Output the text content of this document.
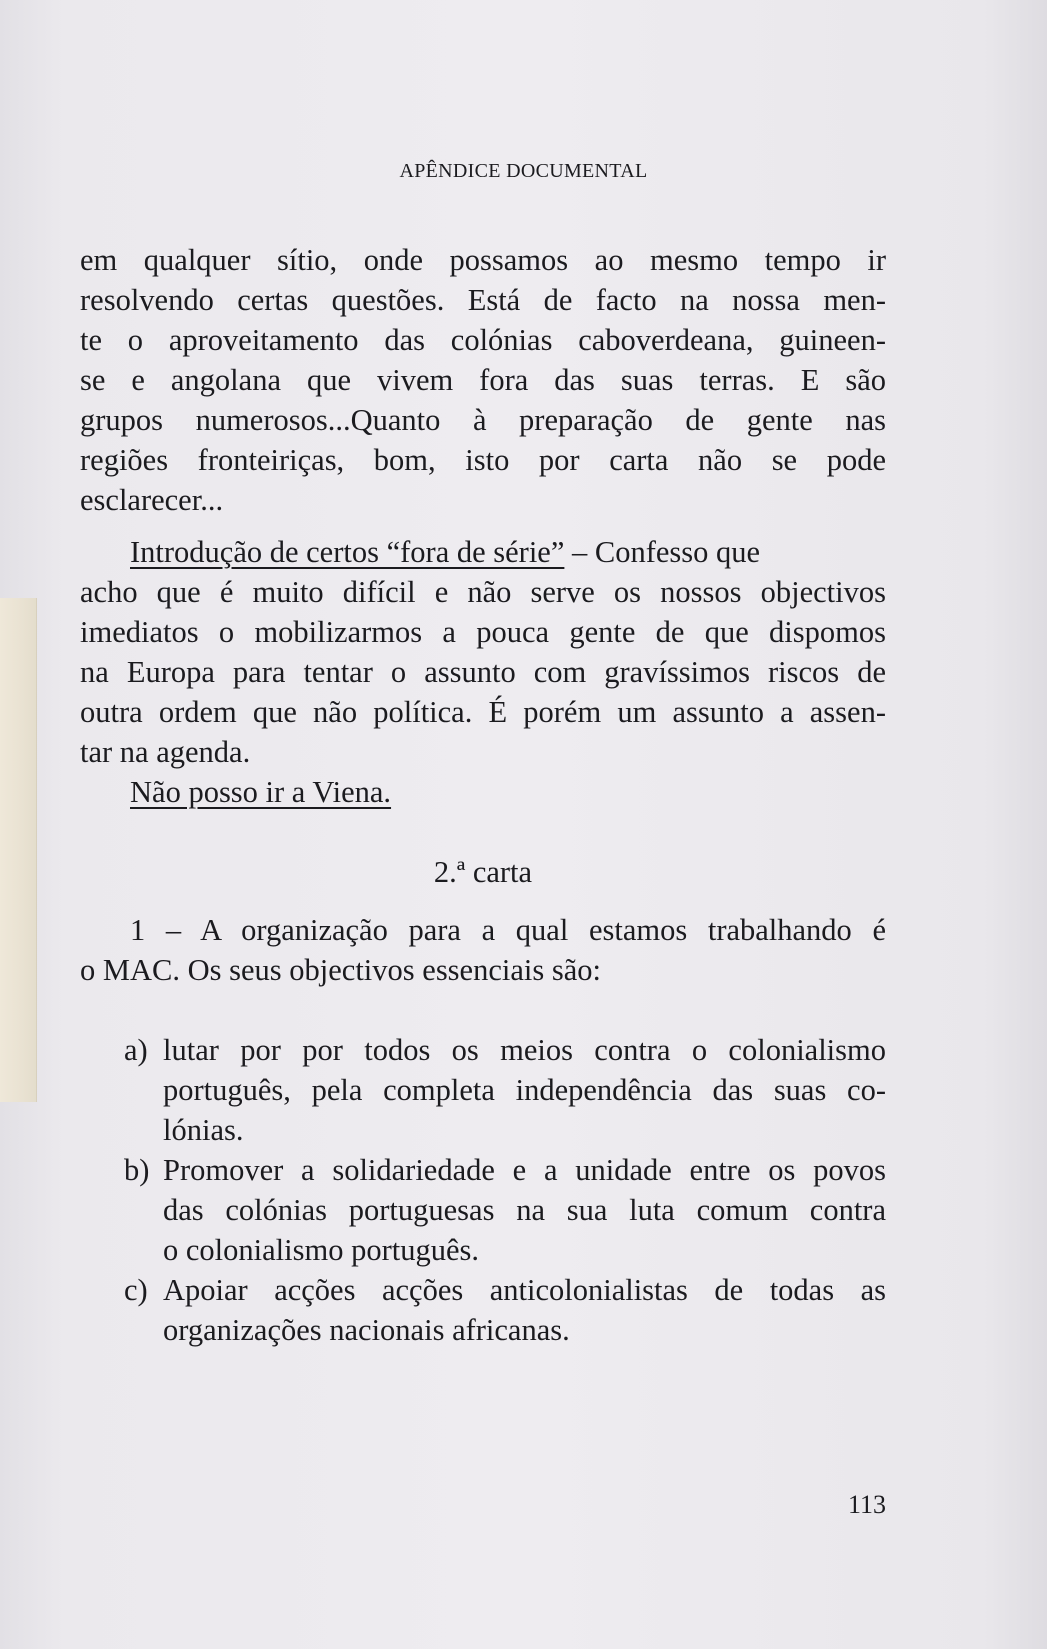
APÊNDICE DOCUMENTAL
em qualquer sítio, onde possamos ao mesmo tempo ir
resolvendo certas questões. Está de facto na nossa men-
te o aproveitamento das colónias caboverdeana, guineen-
se e angolana que vivem fora das suas terras. E são
grupos numerosos...Quanto à preparação de gente nas
regiões fronteiriças, bom, isto por carta não se pode
esclarecer...
Introdução de certos “fora de série” – Confesso que
acho que é muito difícil e não serve os nossos objectivos
imediatos o mobilizarmos a pouca gente de que dispomos
na Europa para tentar o assunto com gravíssimos riscos de
outra ordem que não política. É porém um assunto a assen-
tar na agenda.
Não posso ir a Viena.
2.ª carta
1 – A organização para a qual estamos trabalhando é
o MAC. Os seus objectivos essenciais são:
a) lutar por por todos os meios contra o colonialismo
português, pela completa independência das suas co-
lónias.
b) Promover a solidariedade e a unidade entre os povos
das colónias portuguesas na sua luta comum contra
o colonialismo português.
c) Apoiar acções acções anticolonialistas de todas as
organizações nacionais africanas.
113
